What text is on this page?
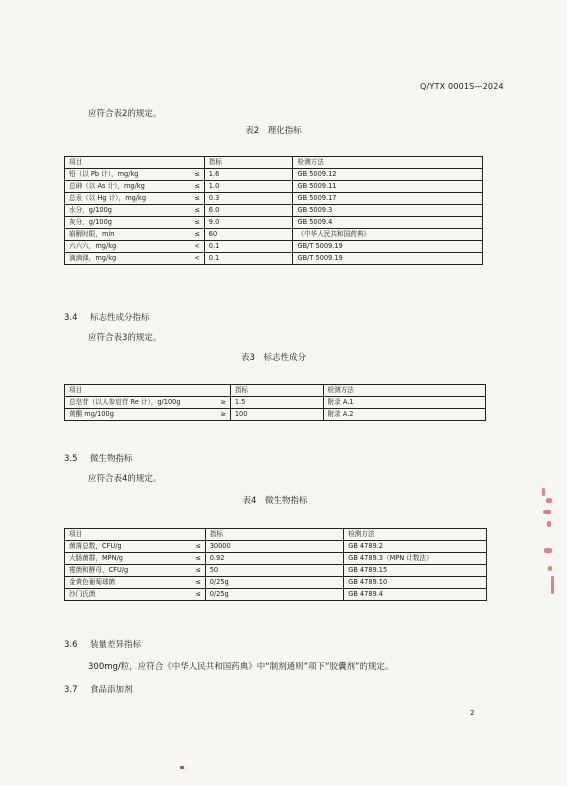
Q/YTX 0001S—2024
应符合表2的规定。
表2　理化指标
项目		指标	检测方法
铅（以 Pb 计），mg/kg	≤	1.6	GB 5009.12
总砷（以 As 计），mg/kg	≤	1.0	GB 5009.11
总汞（以 Hg 计），mg/kg	≤	0.3	GB 5009.17
水分，g/100g	≤	6.0	GB 5009.3
灰分，g/100g	≤	9.0	GB 5009.4
崩解时限，min	≤	60	《中华人民共和国药典》
六六六，mg/kg	<	0.1	GB/T 5009.19
滴滴涕，mg/kg	<	0.1	GB/T 5009.19
3.4 标志性成分指标
应符合表3的规定。
表3　标志性成分
项目		指标	检测方法
总皂苷（以人参皂苷 Re 计），g/100g	≥	1.5	附录 A.1
黄酮 mg/100g	≥	100	附录 A.2
3.5 微生物指标
应符合表4的规定。
表4　微生物指标
项目		指标	检测方法
菌落总数，CFU/g	≤	30000	GB 4789.2
大肠菌群，MPN/g	≤	0.92	GB 4789.3（MPN 计数法）
霉菌和酵母，CFU/g	≤	50	GB 4789.15
金黄色葡萄球菌	≤	0/25g	GB 4789.10
沙门氏菌	≤	0/25g	GB 4789.4
3.6 装量差异指标
300mg/粒，应符合《中华人民共和国药典》中“制剂通则”项下“胶囊剂”的规定。
3.7 食品添加剂
2
